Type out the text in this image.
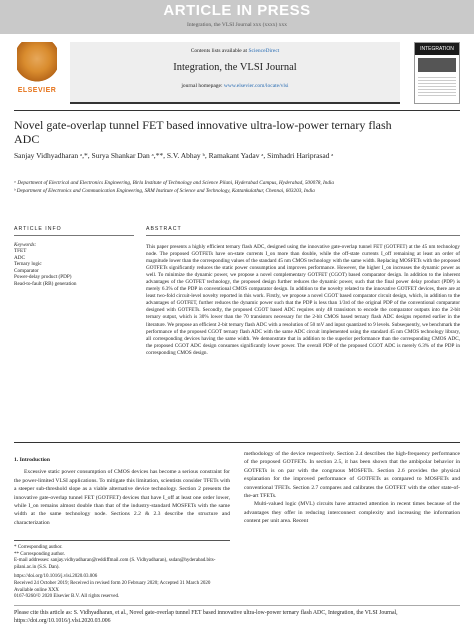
ARTICLE IN PRESS
Integration, the VLSI Journal xxx (xxxx) xxx
ELSEVIER
Contents lists available at ScienceDirect
Integration, the VLSI Journal
journal homepage: www.elsevier.com/locate/vlsi
INTEGRATION
Novel gate-overlap tunnel FET based innovative ultra-low-power ternary flash ADC
Sanjay Vidhyadharan ᵃ,*, Surya Shankar Dan ᵃ,**, S.V. Abhay ᵇ, Ramakant Yadav ᵃ, Simhadri Hariprasad ᵃ
ᵃ Department of Electrical and Electronics Engineering, Birla Institute of Technology and Science Pilani, Hyderabad Campus, Hyderabad, 500078, India
ᵇ Department of Electronics and Communication Engineering, SRM Institute of Science and Technology, Kattankulathur, Chennai, 603203, India
ARTICLE INFO
Keywords:
TFET
ADC
Ternary logic
Comparator
Power-delay product (PDP)
Read-to-fault (RB) generation
ABSTRACT
This paper presents a highly efficient ternary flash ADC, designed using the innovative gate-overlap tunnel FET (GOTFET) at the 45 nm technology node. The proposed GOTFETs have on-state currents I_on more than double, while the off-state currents I_off remaining at least an order of magnitude lower than the corresponding values of the standard 45 nm CMOS technology with the same width. Replacing MOSFETs with the proposed GOTFETs significantly reduces the static power consumption and improves performance. However, the higher I_on increases the dynamic power as well. To minimize the dynamic power, we propose a novel complementary GOTFET (CGOT) based comparator design. In addition to the inherent advantages of the GOTFET technology, the proposed design further reduces the dynamic power, such that the final power delay product (PDP) is merely 6.3% of the PDP in conventional CMOS comparator design. In addition to the novelty related to the innovative GOTFET devices, there are at least two-fold circuit-level novelty reported in this work. Firstly, we propose a novel CGOT based comparator circuit design, which, in addition to the advantages of GOTFET, further reduces the dynamic power such that the PDP is less than 1/3rd of the original PDP of the conventional comparator designed with GOTFETs. Secondly, the proposed CGOT based ADC requires only 48 transistors to encode the comparator outputs into the 2-bit ternary output, which is 30% lower than the 70 transistors necessary for the 2-bit CMOS based ternary flash ADC designs reported earlier in the literature. We propose an efficient 2-bit ternary flash ADC with a resolution of 50 mV and input quantized to 9 levels. Subsequently, we benchmark the performance of the proposed CGOT ternary flash ADC with the same ADC circuit implemented using the standard 45 nm CMOS technology library, all corresponding devices having the same width. We demonstrate that in addition to the superior performance than the corresponding CMOS ADC, the proposed CGOT ADC design consumes significantly lower power. The overall PDP of the proposed CGOT ADC is merely 6.3% of the PDP in corresponding CMOS design.
1. Introduction
Excessive static power consumption of CMOS devices has become a serious constraint for the power-limited VLSI applications. To mitigate this limitation, scientists consider TFETs with a steeper sub-threshold slope as a viable alternative device technology. Section 2 presents the innovative gate-overlap tunnel FET (GOTFET) devices that have I_off at least one order lower, while I_on remains almost double than that of the industry-standard MOSFETs with the same width at the same technology node. Sections 2.2 & 2.3 describe the structure and characterization
methodology of the device respectively. Section 2.4 describes the high-frequency performance of the proposed GOTFETs. In section 2.5, it has been shown that the ambipolar behavior in GOTFETs is on par with the congruous MOSFETs. Section 2.6 provides the physical explanation for the improved performance of GOTFETs as compared to MOSFETs and conventional TFETs. Section 2.7 compares and calibrates the GOTFET with the other state-of-the-art TFETs.
Multi-valued logic (MVL) circuits have attracted attention in recent times because of the advantages they offer in reducing interconnect complexity and increasing the information content per unit area. Recent
* Corresponding author.
** Corresponding author.
E-mail addresses: sanjay.vidhyadharan@reddiffmail.com (S. Vidhyadharan), ssdan@hyderabad.bits-pilani.ac.in (S.S. Dan).
https://doi.org/10.1016/j.vlsi.2020.03.006
Received 24 October 2019; Received in revised form 20 February 2020; Accepted 31 March 2020
Available online XXX
0167-9260/© 2020 Elsevier B.V. All rights reserved.
Please cite this article as: S. Vidhyadharan, et al., Novel gate-overlap tunnel FET based innovative ultra-low-power ternary flash ADC, Integration, the VLSI Journal, https://doi.org/10.1016/j.vlsi.2020.03.006
